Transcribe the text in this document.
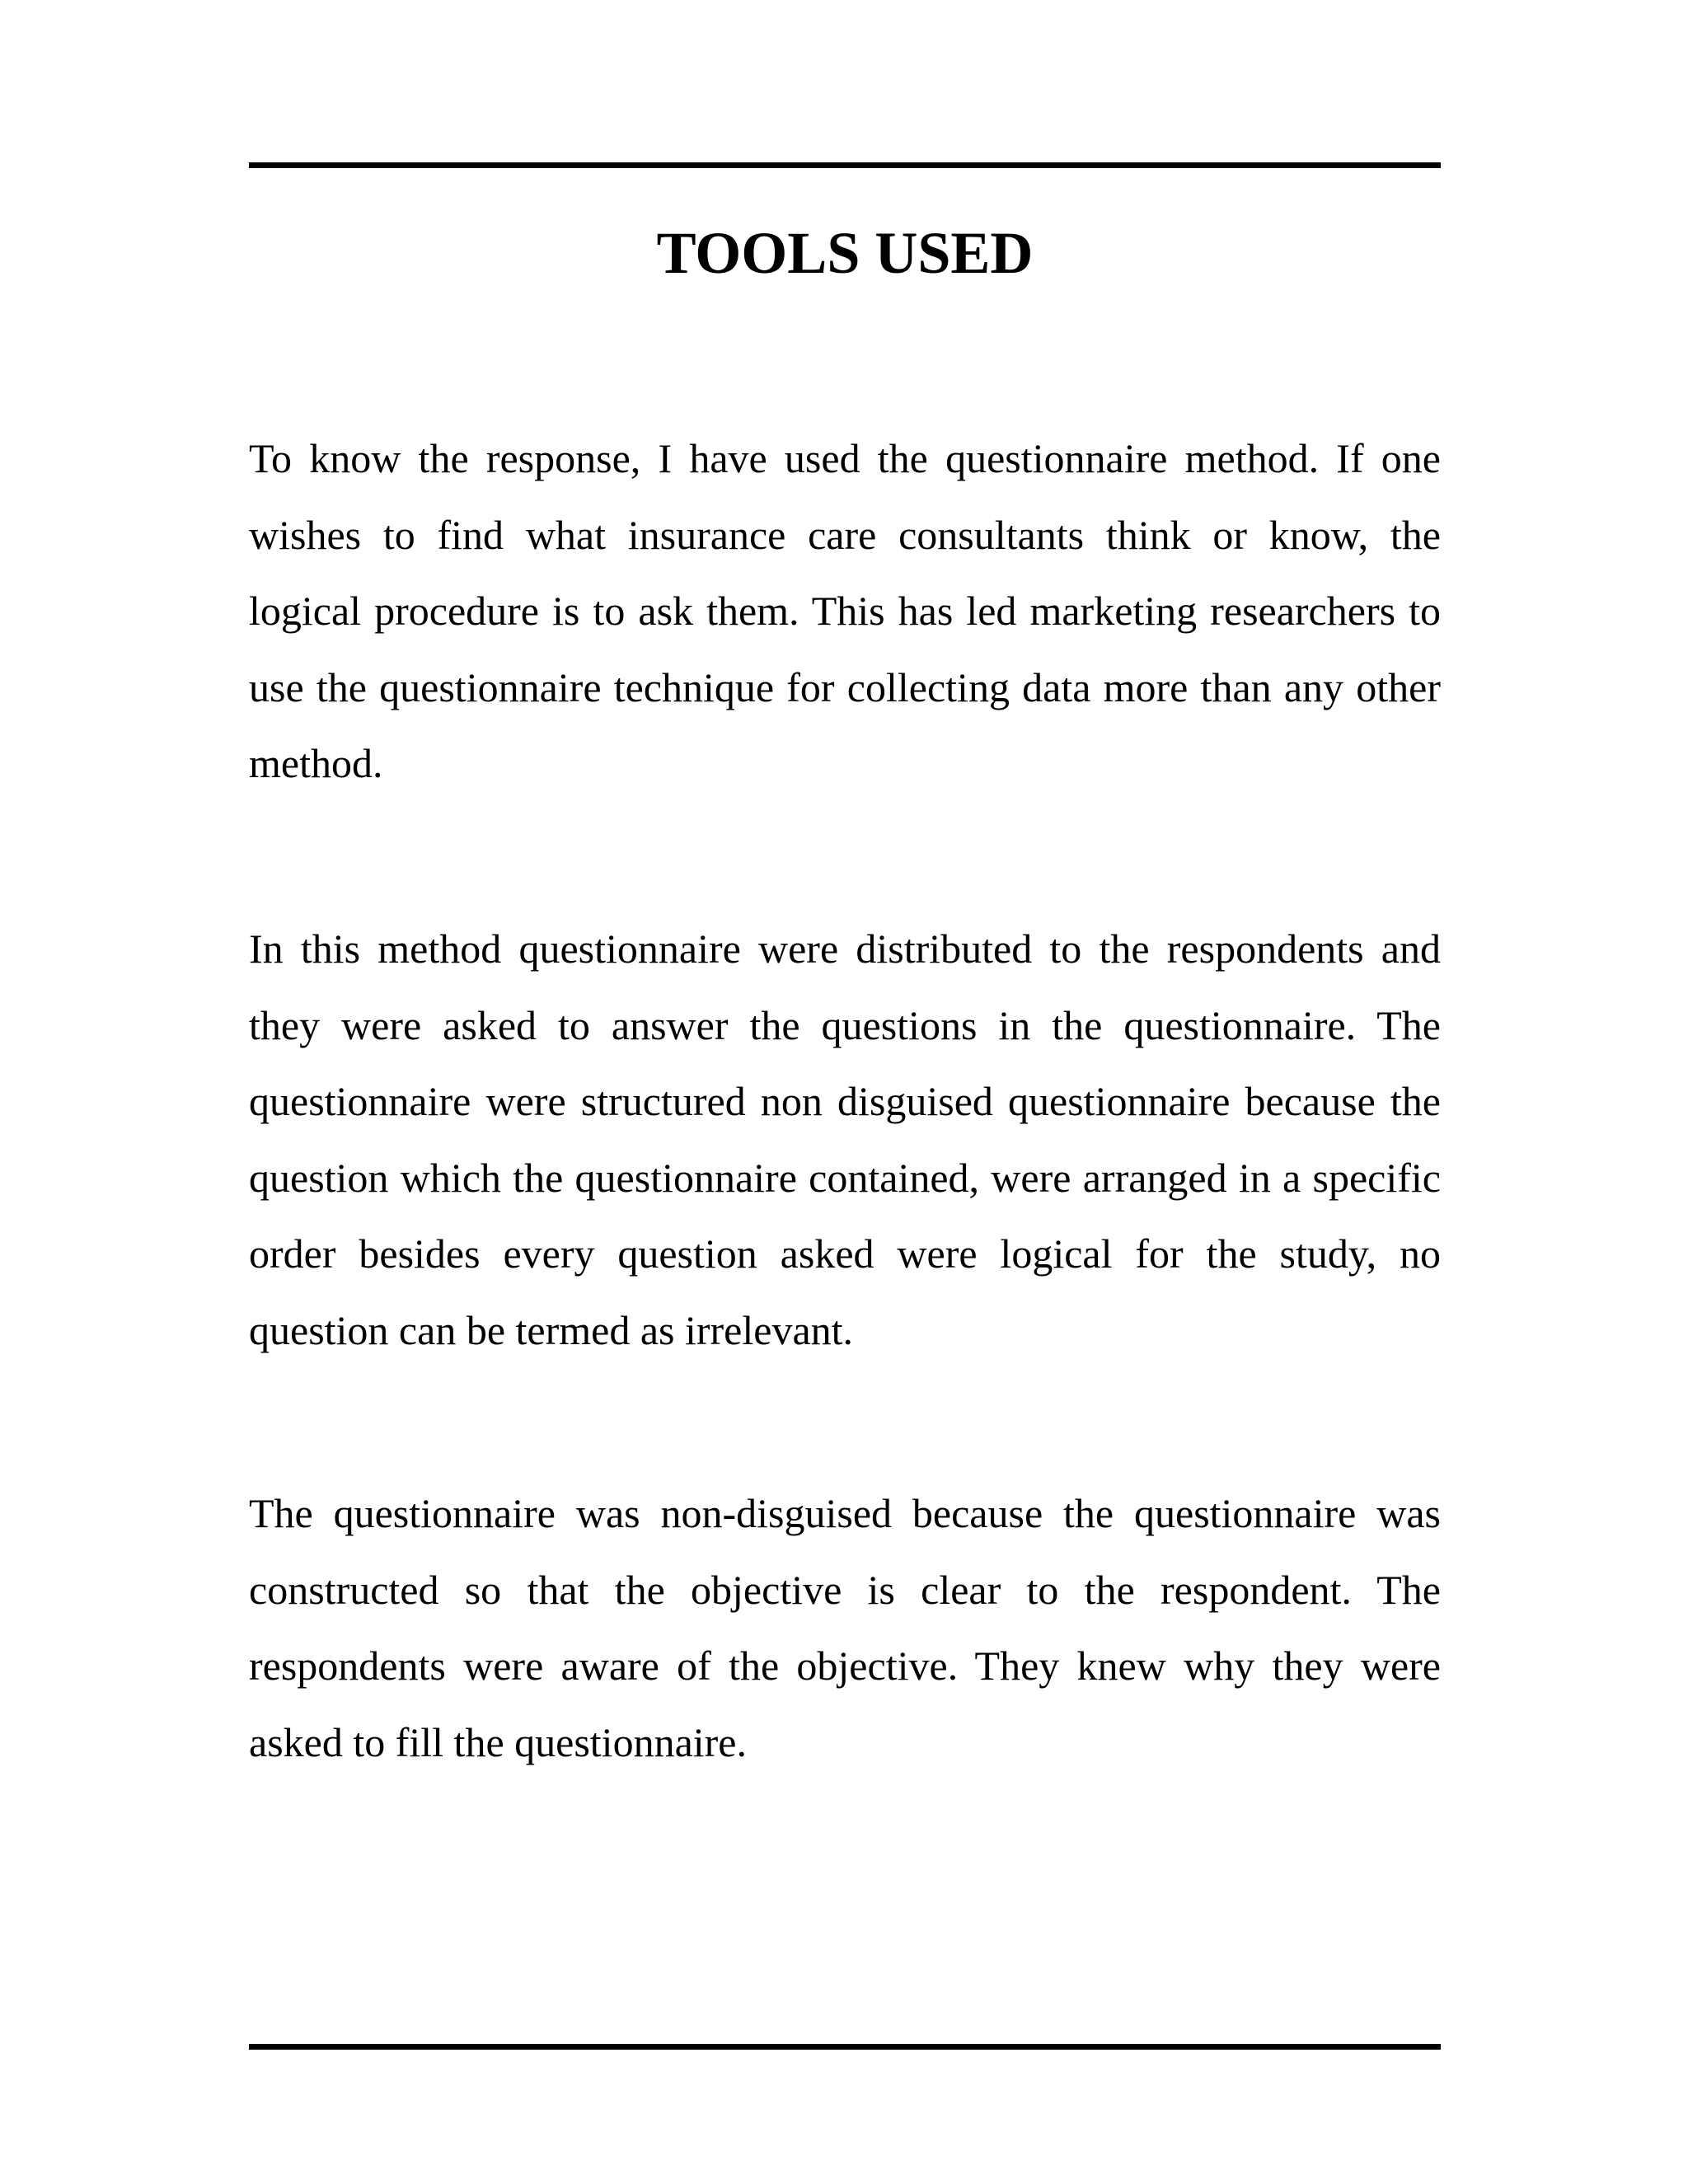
TOOLS USED

To know the response, I have used the questionnaire method. If one wishes to find what insurance care consultants think or know, the logical procedure is to ask them. This has led marketing researchers to use the questionnaire technique for collecting data more than any other method.

In this method questionnaire were distributed to the respondents and they were asked to answer the questions in the questionnaire. The questionnaire were structured non disguised questionnaire because the question which the questionnaire contained, were arranged in a specific order besides every question asked were logical for the study, no question can be termed as irrelevant.

The questionnaire was non-disguised because the questionnaire was constructed so that the objective is clear to the respondent. The respondents were aware of the objective. They knew why they were asked to fill the questionnaire.
